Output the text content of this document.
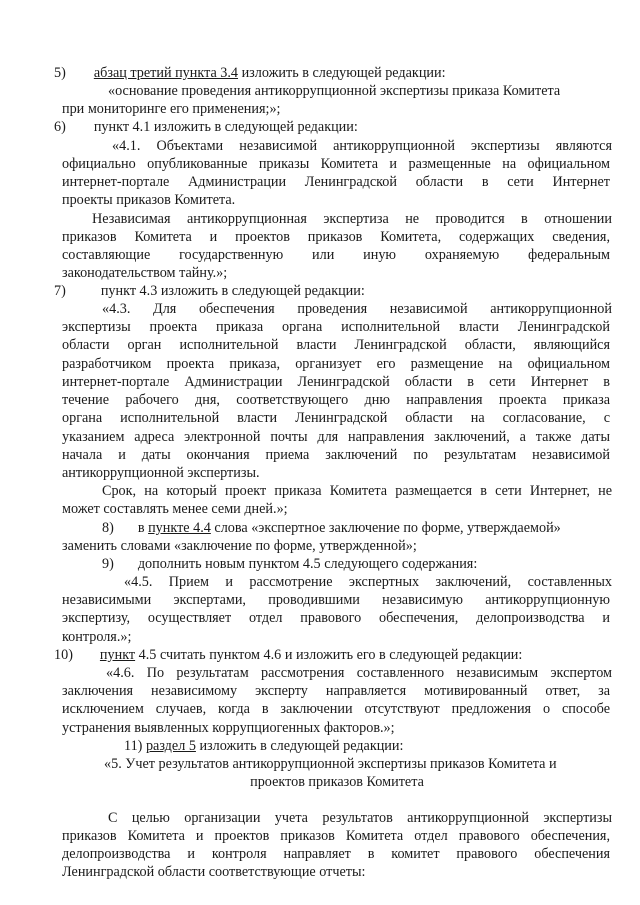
5) абзац третий пункта 3.4 изложить в следующей редакции:
«основание проведения антикоррупционной экспертизы приказа Комитета
при мониторинге его применения;»;
6) пункт 4.1 изложить в следующей редакции:
«4.1. Объектами независимой антикоррупционной экспертизы являются
официально опубликованные приказы Комитета и размещенные на официальном
интернет-портале Администрации Ленинградской области в сети Интернет
проекты приказов Комитета.
Независимая антикоррупционная экспертиза не проводится в отношении
приказов Комитета и проектов приказов Комитета, содержащих сведения,
составляющие государственную или иную охраняемую федеральным
законодательством тайну.»;
7) пункт 4.3 изложить в следующей редакции:
«4.3. Для обеспечения проведения независимой антикоррупционной
экспертизы проекта приказа органа исполнительной власти Ленинградской
области орган исполнительной власти Ленинградской области, являющийся
разработчиком проекта приказа, организует его размещение на официальном
интернет-портале Администрации Ленинградской области в сети Интернет в
течение рабочего дня, соответствующего дню направления проекта приказа
органа исполнительной власти Ленинградской области на согласование, с
указанием адреса электронной почты для направления заключений, а также даты
начала и даты окончания приема заключений по результатам независимой
антикоррупционной экспертизы.
Срок, на который проект приказа Комитета размещается в сети Интернет, не
может составлять менее семи дней.»;
8) в пункте 4.4 слова «экспертное заключение по форме, утверждаемой»
заменить словами «заключение по форме, утвержденной»;
9) дополнить новым пунктом 4.5 следующего содержания:
«4.5. Прием и рассмотрение экспертных заключений, составленных
независимыми экспертами, проводившими независимую антикоррупционную
экспертизу, осуществляет отдел правового обеспечения, делопроизводства и
контроля.»;
10) пункт 4.5 считать пунктом 4.6 и изложить его в следующей редакции:
«4.6. По результатам рассмотрения составленного независимым экспертом
заключения независимому эксперту направляется мотивированный ответ, за
исключением случаев, когда в заключении отсутствуют предложения о способе
устранения выявленных коррупциогенных факторов.»;
11) раздел 5 изложить в следующей редакции:
«5. Учет результатов антикоррупционной экспертизы приказов Комитета и
проектов приказов Комитета
С целью организации учета результатов антикоррупционной экспертизы
приказов Комитета и проектов приказов Комитета отдел правового обеспечения,
делопроизводства и контроля направляет в комитет правового обеспечения
Ленинградской области соответствующие отчеты:
